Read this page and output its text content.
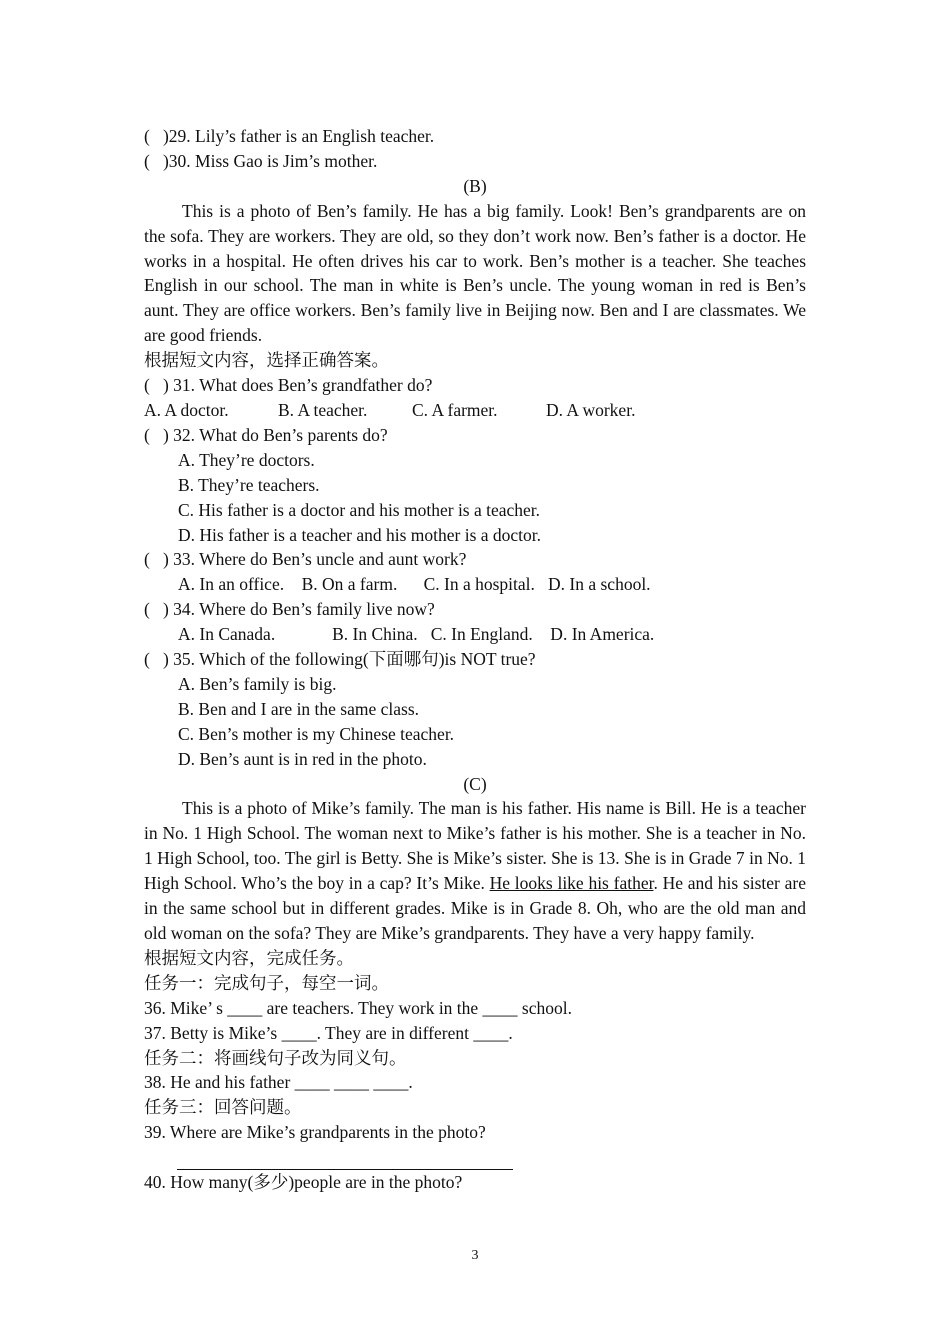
(   )29. Lily’s father is an English teacher.
(   )30. Miss Gao is Jim’s mother.
(B)
This is a photo of Ben’s family. He has a big family. Look! Ben’s grandparents are on the sofa. They are workers. They are old, so they don’t work now. Ben’s father is a doctor. He works in a hospital. He often drives his car to work. Ben’s mother is a teacher. She teaches English in our school. The man in white is Ben’s uncle. The young woman in red is Ben’s aunt. They are office workers. Ben’s family live in Beijing now. Ben and I are classmates. We are good friends.
根据短文内容，选择正确答案。
(   ) 31. What does Ben’s grandfather do?
A. A doctor.	B. A teacher.	C. A farmer.	D. A worker.
(   ) 32. What do Ben’s parents do?
A. They’re doctors.
B. They’re teachers.
C. His father is a doctor and his mother is a teacher.
D. His father is a teacher and his mother is a doctor.
(   ) 33. Where do Ben’s uncle and aunt work?
A. In an office.    B. On a farm.      C. In a hospital.   D. In a school.
(   ) 34. Where do Ben’s family live now?
A. In Canada.             B. In China.   C. In England.    D. In America.
(   ) 35. Which of the following(下面哪句)is NOT true?
A. Ben’s family is big.
B. Ben and I are in the same class.
C. Ben’s mother is my Chinese teacher.
D. Ben’s aunt is in red in the photo.
(C)
This is a photo of Mike’s family. The man is his father. His name is Bill. He is a teacher in No. 1 High School. The woman next to Mike’s father is his mother. She is a teacher in No. 1 High School, too. The girl is Betty. She is Mike’s sister. She is 13. She is in Grade 7 in No. 1 High School. Who’s the boy in a cap? It’s Mike. He looks like his father. He and his sister are in the same school but in different grades. Mike is in Grade 8. Oh, who are the old man and old woman on the sofa? They are Mike’s grandparents. They have a very happy family.
根据短文内容，完成任务。
任务一：完成句子，每空一词。
36. Mike’ s ____ are teachers. They work in the ____ school.
37. Betty is Mike’s ____. They are in different ____.
任务二：将画线句子改为同义句。
38. He and his father ____ ____ ____.
任务三：回答问题。
39. Where are Mike’s grandparents in the photo?
40. How many(多少)people are in the photo?
3
